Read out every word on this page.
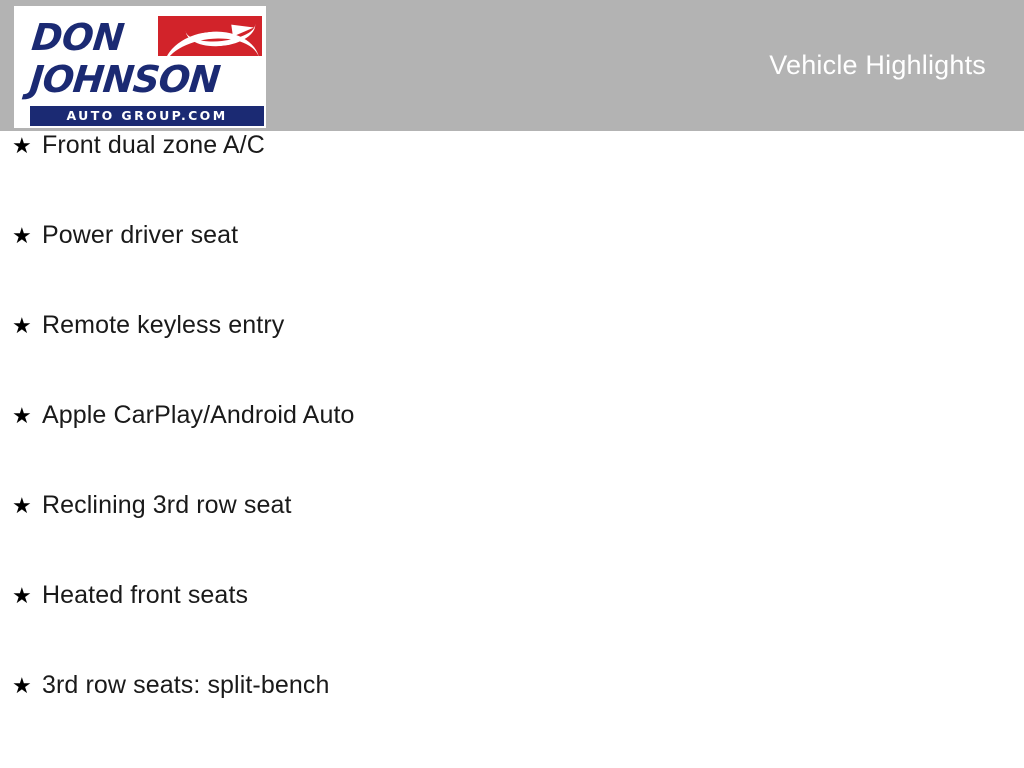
DON
JOHNSON
AUTO GROUP.COM
Vehicle Highlights
★ Front dual zone A/C
★ Power driver seat
★ Remote keyless entry
★ Apple CarPlay/Android Auto
★ Reclining 3rd row seat
★ Heated front seats
★ 3rd row seats: split-bench
